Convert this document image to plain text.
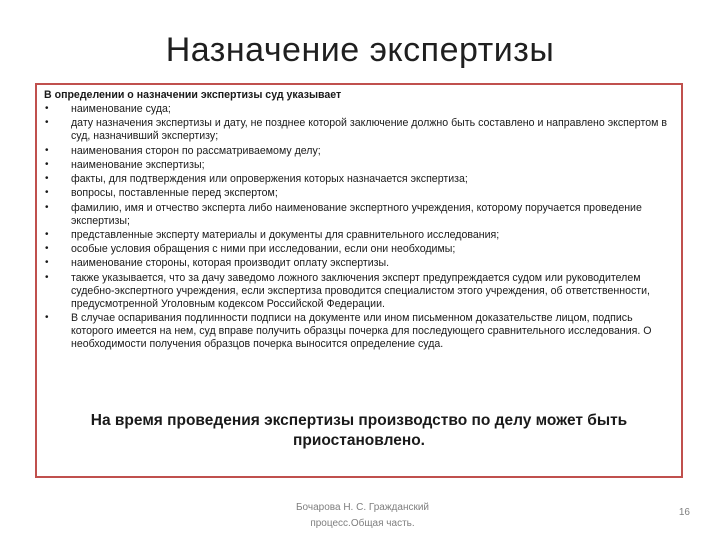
Назначение экспертизы
В определении о назначении экспертизы суд указывает
•	наименование суда;
•	дату назначения экспертизы и дату, не позднее которой заключение должно быть составлено и направлено экспертом в суд, назначивший экспертизу;
•	наименования сторон по рассматриваемому делу;
•	наименование экспертизы;
•	факты, для подтверждения или опровержения которых назначается экспертиза;
•	вопросы, поставленные перед экспертом;
•	фамилию, имя и отчество эксперта либо наименование экспертного учреждения, которому поручается проведение экспертизы;
•	представленные эксперту материалы и документы для сравнительного исследования;
•	особые условия обращения с ними при исследовании, если они необходимы;
•	наименование стороны, которая производит оплату экспертизы.
•	также указывается, что за дачу заведомо ложного заключения эксперт предупреждается судом или руководителем судебно-экспертного учреждения, если экспертиза проводится специалистом этого учреждения, об ответственности, предусмотренной Уголовным кодексом Российской Федерации.
•	В случае оспаривания подлинности подписи на документе или ином письменном доказательстве лицом, подпись которого имеется на нем, суд вправе получить образцы почерка для последующего сравнительного исследования. О необходимости получения образцов почерка выносится определение суда.
На время проведения экспертизы производство по делу может быть приостановлено.
Бочарова Н. С. Гражданский процесс.Общая часть.
16
